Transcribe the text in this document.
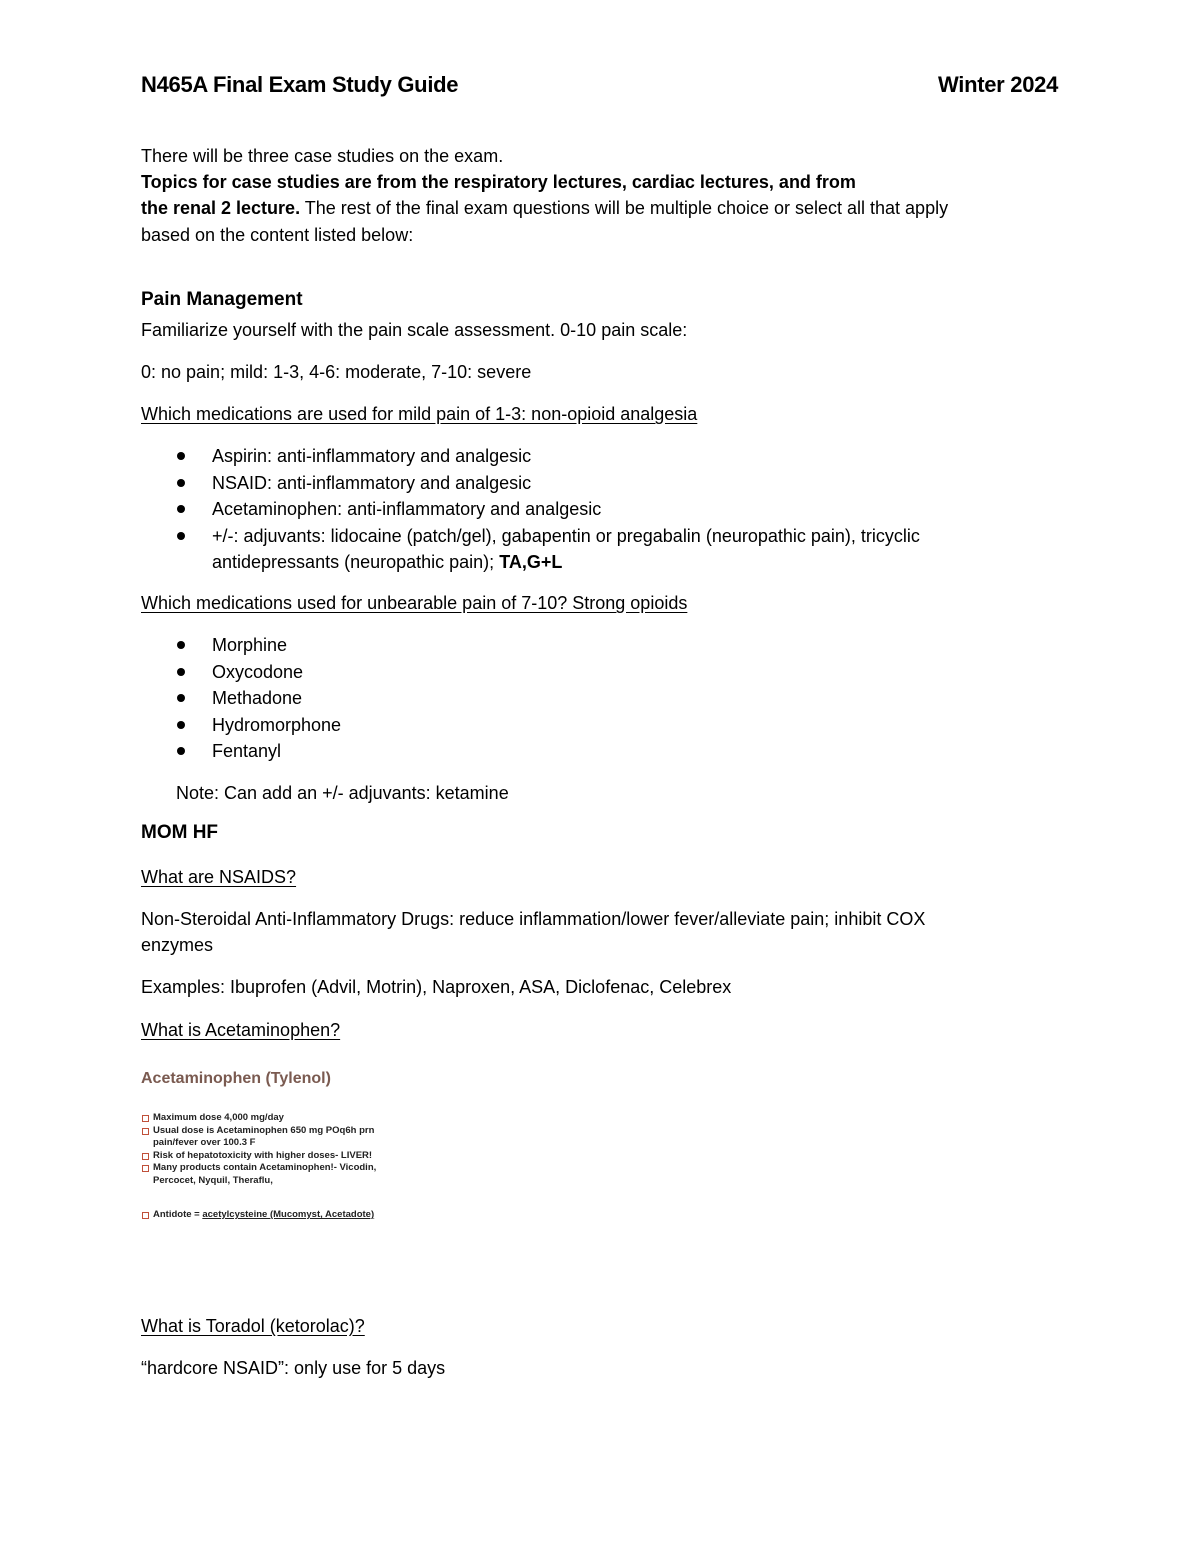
N465A Final Exam Study Guide	Winter 2024
There will be three case studies on the exam.
Topics for case studies are from the respiratory lectures, cardiac lectures, and from
the renal 2 lecture. The rest of the final exam questions will be multiple choice or select all that apply
based on the content listed below:
Pain Management
Familiarize yourself with the pain scale assessment. 0-10 pain scale:
0: no pain; mild: 1-3, 4-6: moderate, 7-10: severe
Which medications are used for mild pain of 1-3: non-opioid analgesia
Aspirin: anti-inflammatory and analgesic
NSAID: anti-inflammatory and analgesic
Acetaminophen: anti-inflammatory and analgesic
+/-: adjuvants: lidocaine (patch/gel), gabapentin or pregabalin (neuropathic pain), tricyclic
antidepressants (neuropathic pain); TA,G+L
Which medications used for unbearable pain of 7-10? Strong opioids
Morphine
Oxycodone
Methadone
Hydromorphone
Fentanyl
Note: Can add an +/- adjuvants: ketamine
MOM HF
What are NSAIDS?
Non-Steroidal Anti-Inflammatory Drugs: reduce inflammation/lower fever/alleviate pain; inhibit COX
enzymes
Examples: Ibuprofen (Advil, Motrin), Naproxen, ASA, Diclofenac, Celebrex
What is Acetaminophen?
Acetaminophen (Tylenol)
Maximum dose 4,000 mg/day
Usual dose is Acetaminophen 650 mg POq6h prn
pain/fever over 100.3 F
Risk of hepatotoxicity with higher doses- LIVER!
Many products contain Acetaminophen!- Vicodin,
Percocet, Nyquil, Theraflu,
Antidote = acetylcysteine (Mucomyst, Acetadote)
What is Toradol (ketorolac)?
“hardcore NSAID”: only use for 5 days
